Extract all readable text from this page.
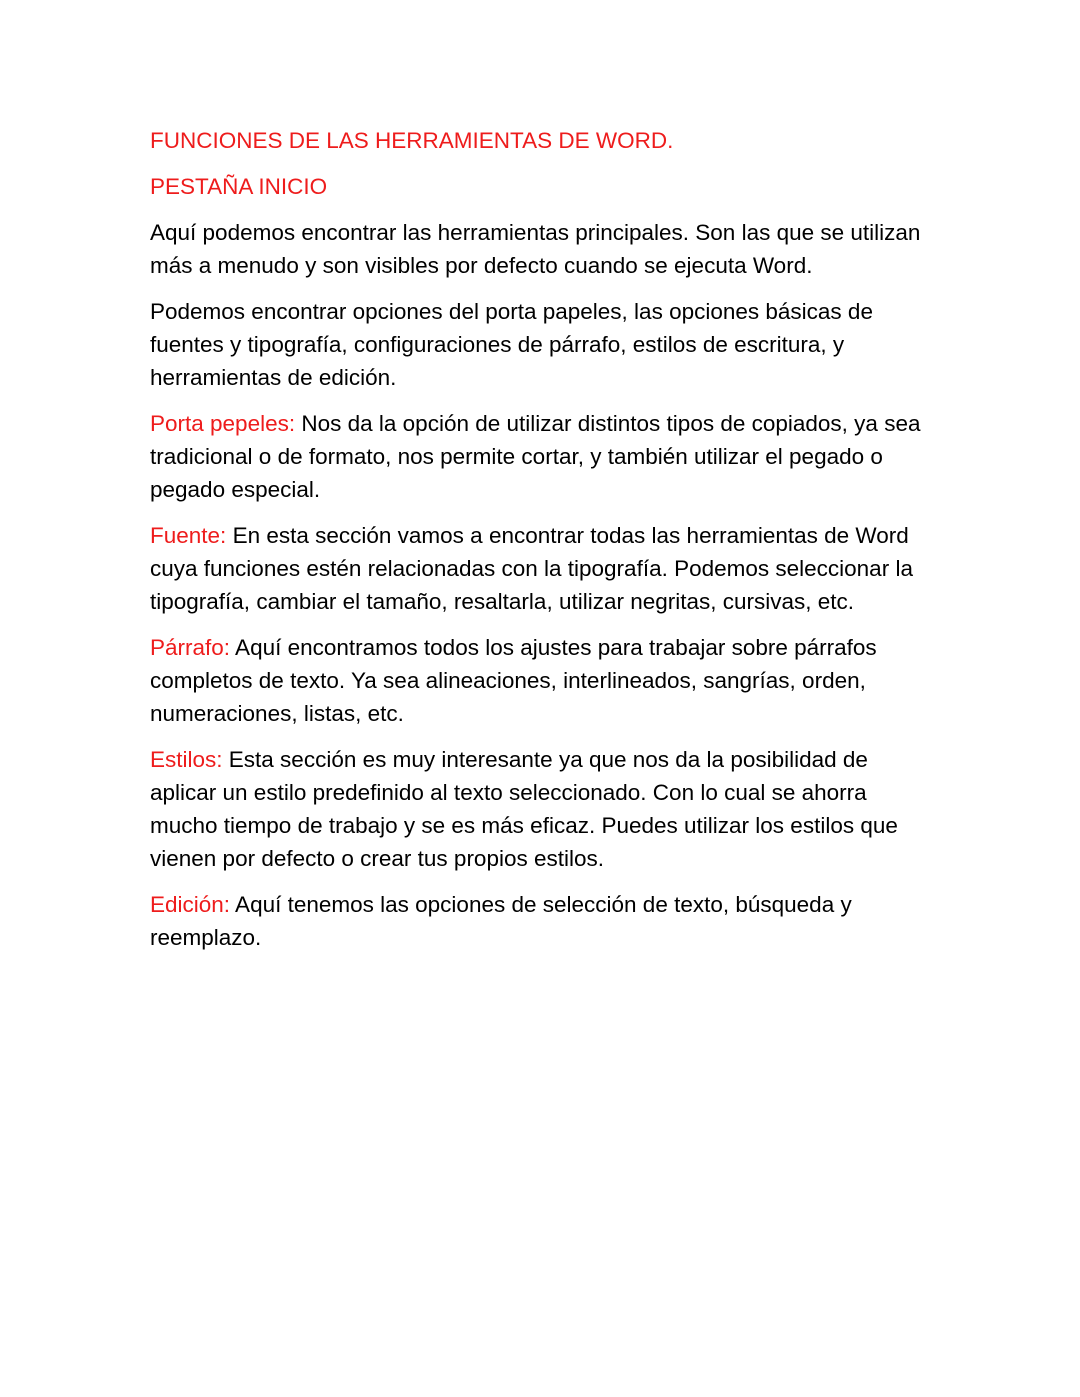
FUNCIONES DE LAS HERRAMIENTAS DE WORD.
PESTAÑA INICIO

Aquí podemos encontrar las herramientas principales. Son las que se utilizan más a menudo y son visibles por defecto cuando se ejecuta Word.

Podemos encontrar opciones del porta papeles, las opciones básicas de fuentes y tipografía, configuraciones de párrafo, estilos de escritura, y herramientas de edición.

Porta pepeles: Nos da la opción de utilizar distintos tipos de copiados, ya sea tradicional o de formato, nos permite cortar, y también utilizar el pegado o pegado especial.

Fuente: En esta sección vamos a encontrar todas las herramientas de Word cuya funciones estén relacionadas con la tipografía. Podemos seleccionar la tipografía, cambiar el tamaño, resaltarla, utilizar negritas, cursivas, etc.

Párrafo: Aquí encontramos todos los ajustes para trabajar sobre párrafos completos de texto. Ya sea alineaciones, interlineados, sangrías, orden, numeraciones, listas, etc.

Estilos: Esta sección es muy interesante ya que nos da la posibilidad de aplicar un estilo predefinido al texto seleccionado. Con lo cual se ahorra mucho tiempo de trabajo y se es más eficaz. Puedes utilizar los estilos que vienen por defecto o crear tus propios estilos.

Edición: Aquí tenemos las opciones de selección de texto, búsqueda y reemplazo.
